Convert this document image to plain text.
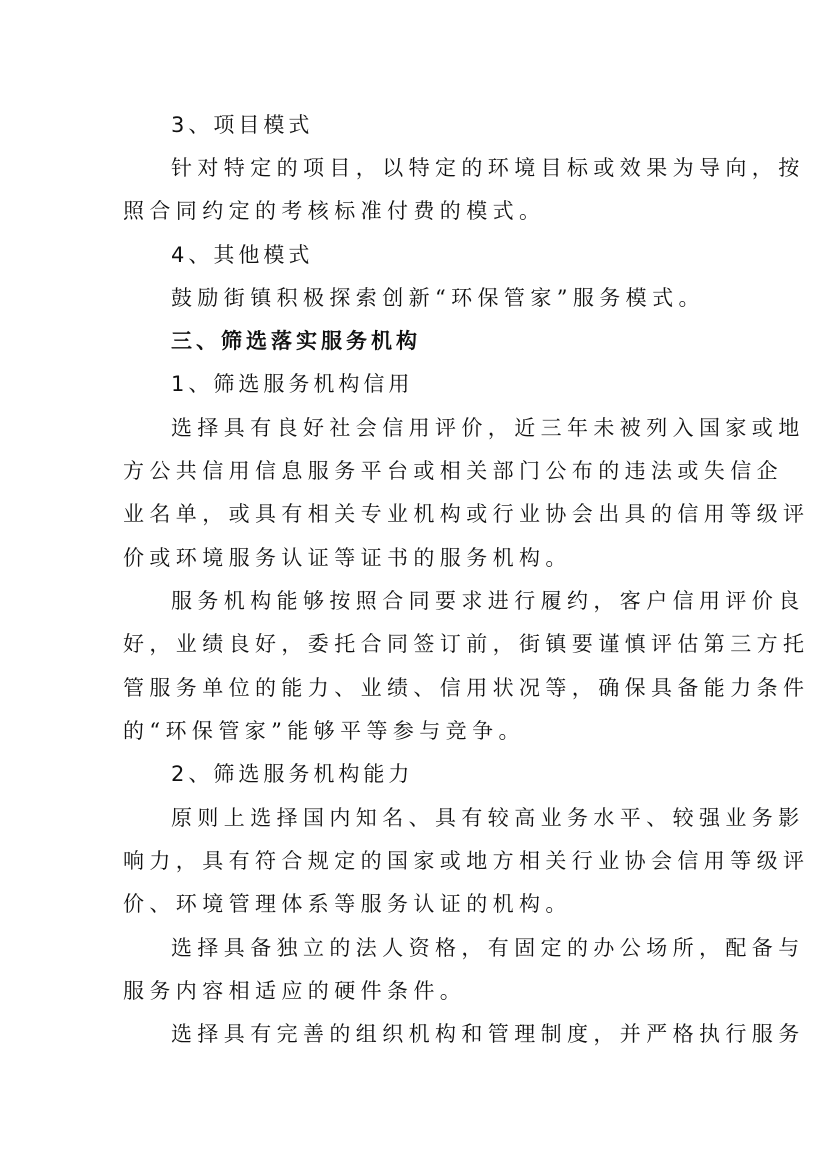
3、项目模式
针对特定的项目，以特定的环境目标或效果为导向，按
照合同约定的考核标准付费的模式。
4、其他模式
鼓励街镇积极探索创新“环保管家”服务模式。
三、筛选落实服务机构
1、筛选服务机构信用
选择具有良好社会信用评价，近三年未被列入国家或地
方公共信用信息服务平台或相关部门公布的违法或失信企
业名单，或具有相关专业机构或行业协会出具的信用等级评
价或环境服务认证等证书的服务机构。
服务机构能够按照合同要求进行履约，客户信用评价良
好，业绩良好，委托合同签订前，街镇要谨慎评估第三方托
管服务单位的能力、业绩、信用状况等，确保具备能力条件
的“环保管家”能够平等参与竞争。
2、筛选服务机构能力
原则上选择国内知名、具有较高业务水平、较强业务影
响力，具有符合规定的国家或地方相关行业协会信用等级评
价、环境管理体系等服务认证的机构。
选择具备独立的法人资格，有固定的办公场所，配备与
服务内容相适应的硬件条件。
选择具有完善的组织机构和管理制度，并严格执行服务
